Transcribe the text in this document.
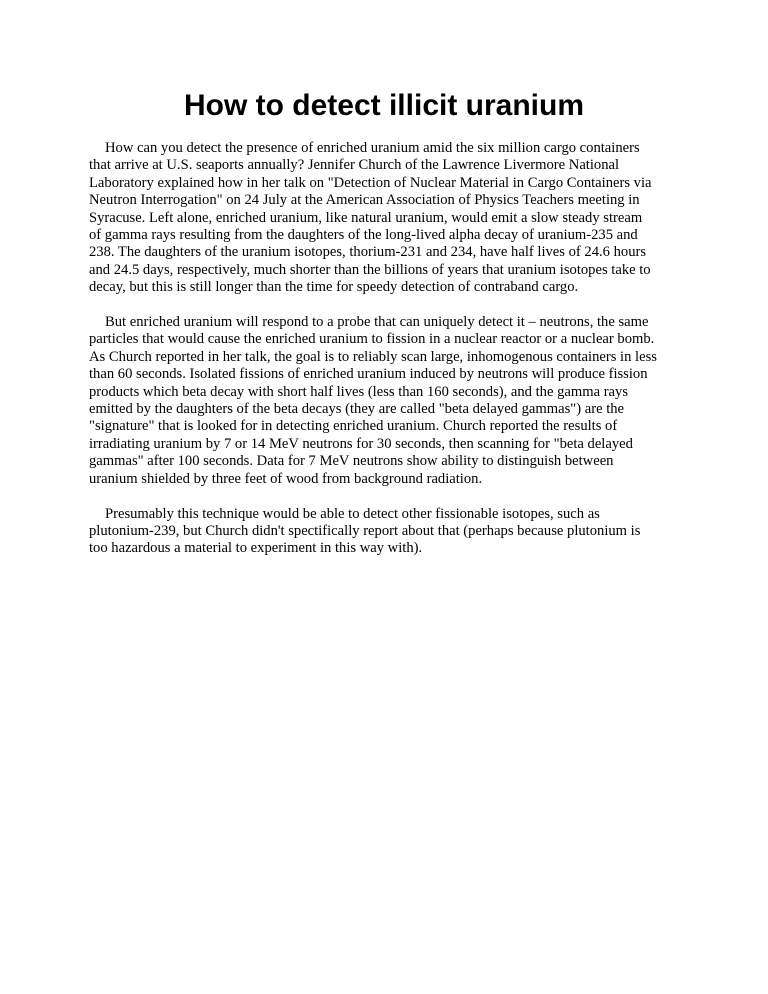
How to detect illicit uranium

How can you detect the presence of enriched uranium amid the six million cargo containers
that arrive at U.S. seaports annually? Jennifer Church of the Lawrence Livermore National
Laboratory explained how in her talk on "Detection of Nuclear Material in Cargo Containers via
Neutron Interrogation" on 24 July at the American Association of Physics Teachers meeting in
Syracuse. Left alone, enriched uranium, like natural uranium, would emit a slow steady stream
of gamma rays resulting from the daughters of the long-lived alpha decay of uranium-235 and
238. The daughters of the uranium isotopes, thorium-231 and 234, have half lives of 24.6 hours
and 24.5 days, respectively, much shorter than the billions of years that uranium isotopes take to
decay, but this is still longer than the time for speedy detection of contraband cargo.

But enriched uranium will respond to a probe that can uniquely detect it – neutrons, the same
particles that would cause the enriched uranium to fission in a nuclear reactor or a nuclear bomb.
As Church reported in her talk, the goal is to reliably scan large, inhomogenous containers in less
than 60 seconds. Isolated fissions of enriched uranium induced by neutrons will produce fission
products which beta decay with short half lives (less than 160 seconds), and the gamma rays
emitted by the daughters of the beta decays (they are called "beta delayed gammas") are the
"signature" that is looked for in detecting enriched uranium. Church reported the results of
irradiating uranium by 7 or 14 MeV neutrons for 30 seconds, then scanning for "beta delayed
gammas" after 100 seconds. Data for 7 MeV neutrons show ability to distinguish between
uranium shielded by three feet of wood from background radiation.

Presumably this technique would be able to detect other fissionable isotopes, such as
plutonium-239, but Church didn't spectifically report about that (perhaps because plutonium is
too hazardous a material to experiment in this way with).
